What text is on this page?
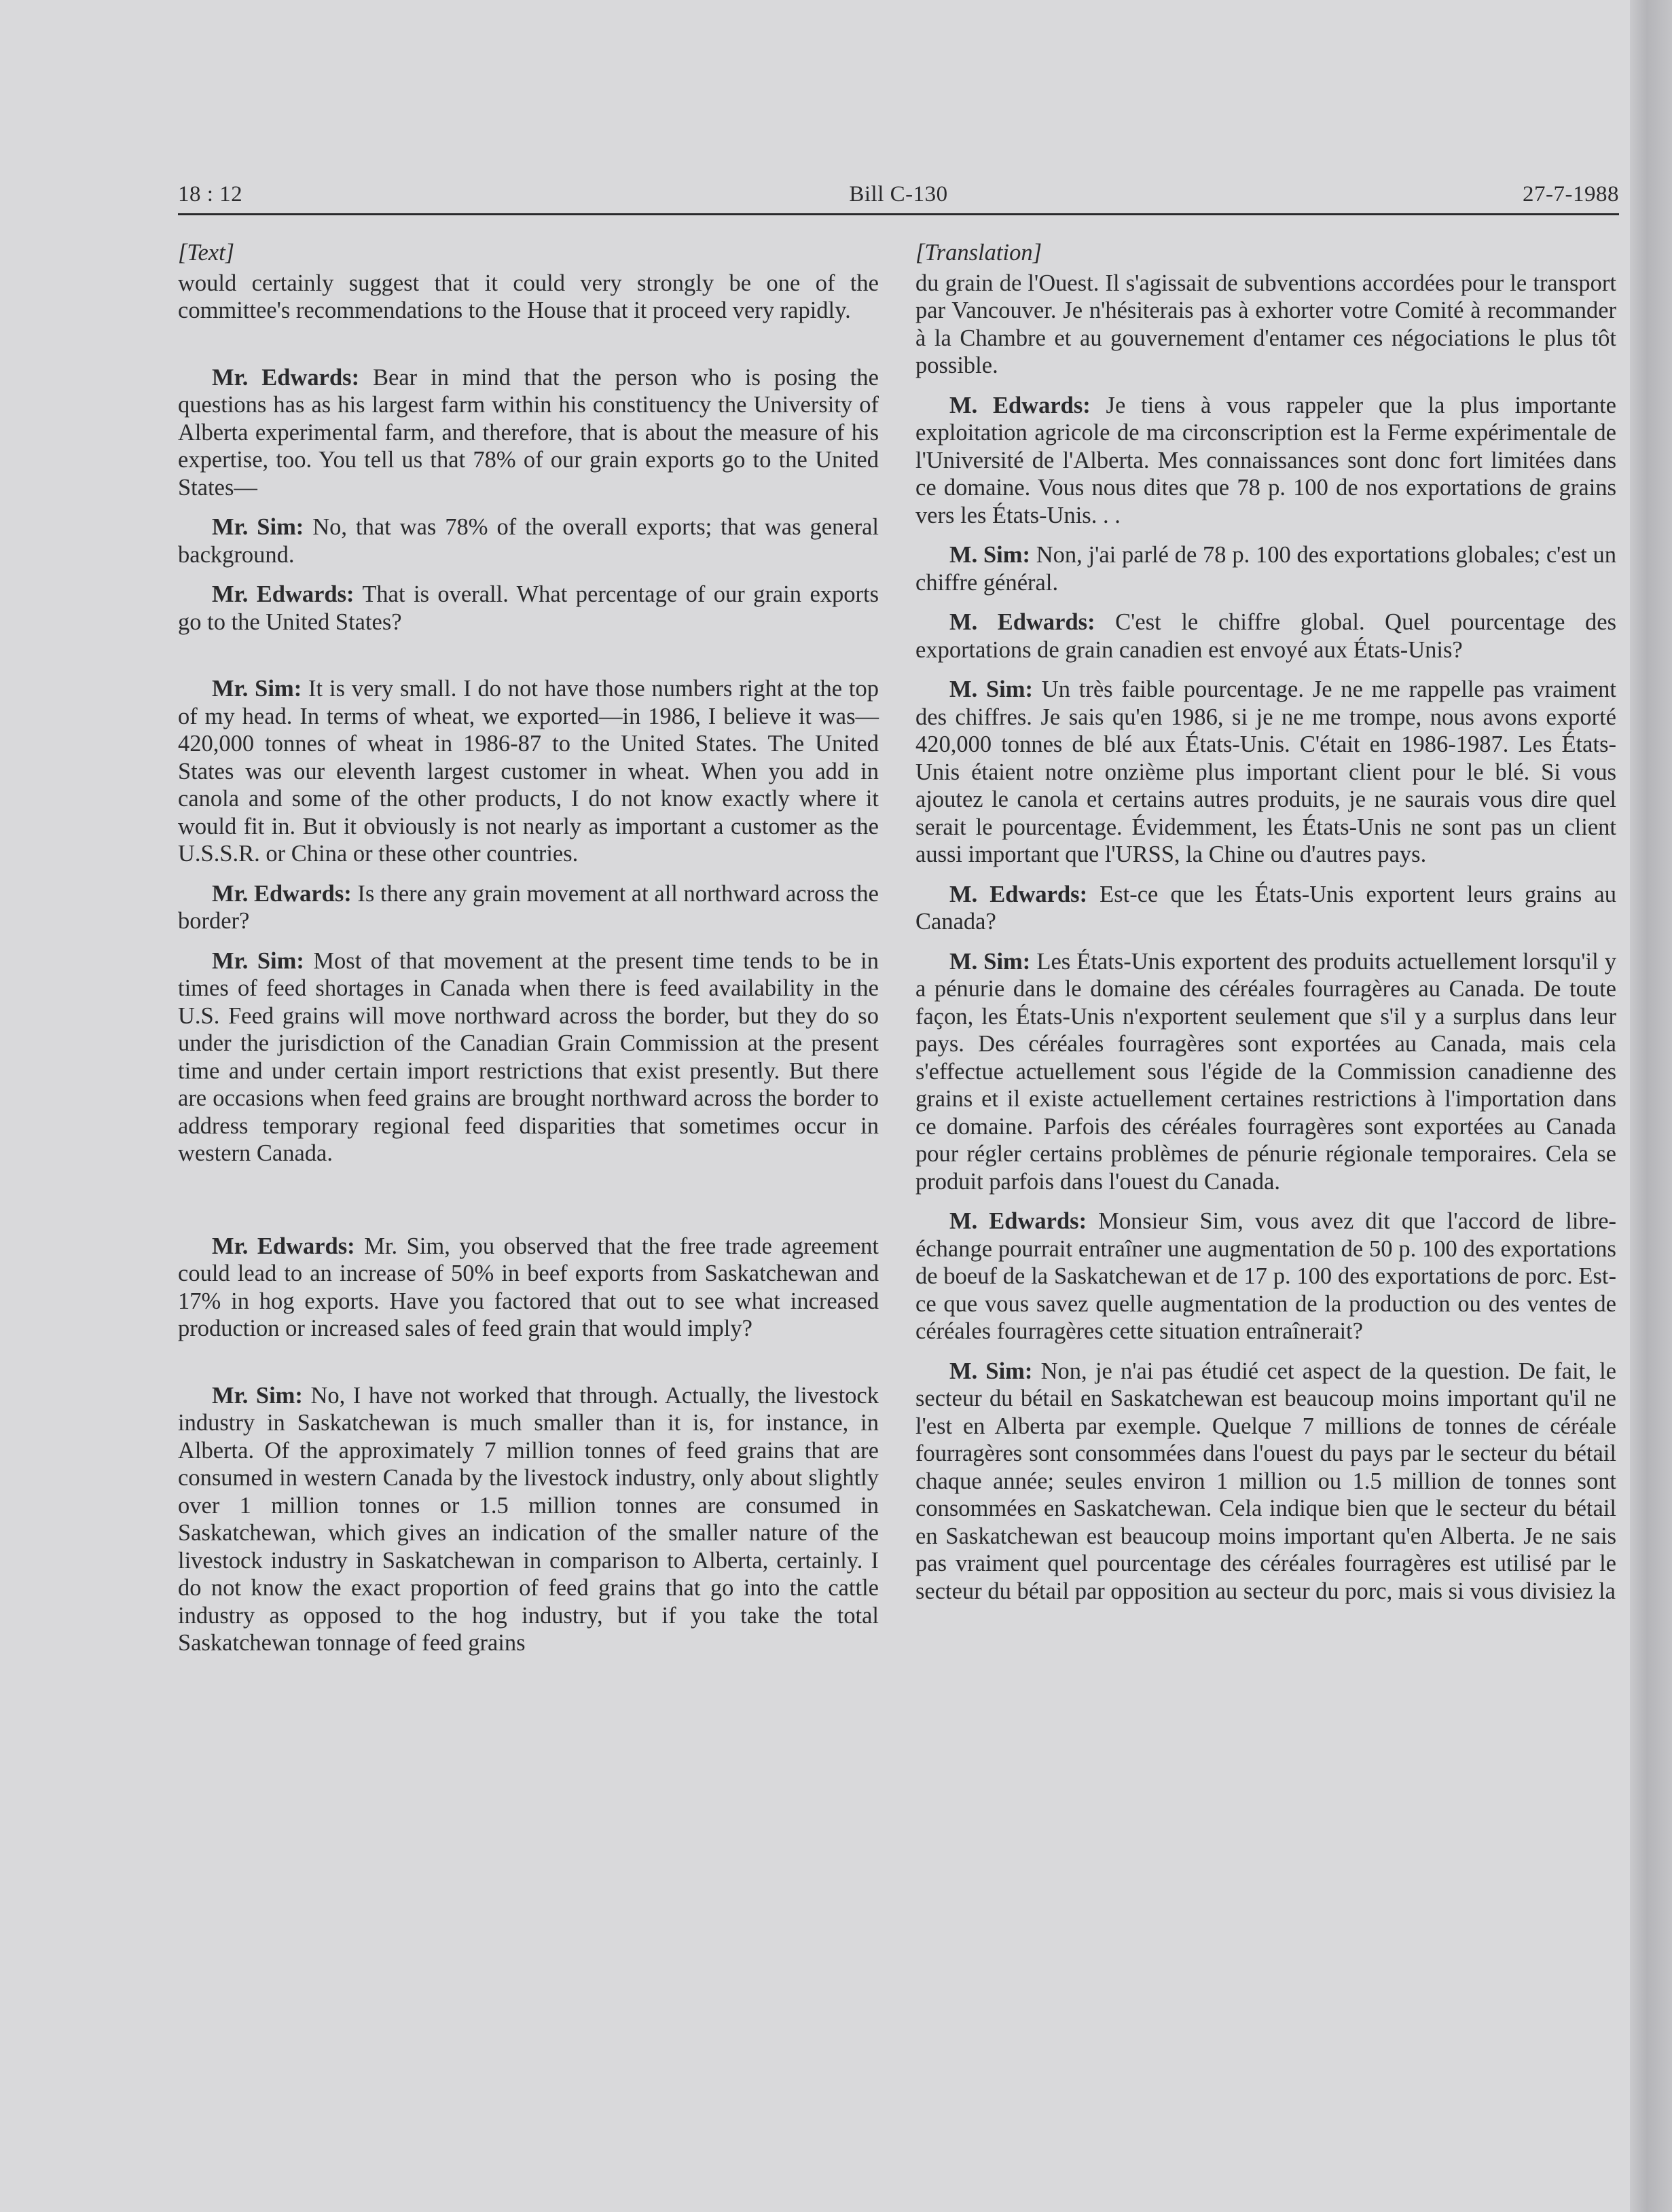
18 : 12	Bill C-130	27-7-1988

[Text]

would certainly suggest that it could very strongly be one of the committee's recommendations to the House that it proceed very rapidly.

Mr. Edwards: Bear in mind that the person who is posing the questions has as his largest farm within his constituency the University of Alberta experimental farm, and therefore, that is about the measure of his expertise, too. You tell us that 78% of our grain exports go to the United States—

Mr. Sim: No, that was 78% of the overall exports; that was general background.

Mr. Edwards: That is overall. What percentage of our grain exports go to the United States?

Mr. Sim: It is very small. I do not have those numbers right at the top of my head. In terms of wheat, we exported—in 1986, I believe it was—420,000 tonnes of wheat in 1986-87 to the United States. The United States was our eleventh largest customer in wheat. When you add in canola and some of the other products, I do not know exactly where it would fit in. But it obviously is not nearly as important a customer as the U.S.S.R. or China or these other countries.

Mr. Edwards: Is there any grain movement at all northward across the border?

Mr. Sim: Most of that movement at the present time tends to be in times of feed shortages in Canada when there is feed availability in the U.S. Feed grains will move northward across the border, but they do so under the jurisdiction of the Canadian Grain Commission at the present time and under certain import restrictions that exist presently. But there are occasions when feed grains are brought northward across the border to address temporary regional feed disparities that sometimes occur in western Canada.

Mr. Edwards: Mr. Sim, you observed that the free trade agreement could lead to an increase of 50% in beef exports from Saskatchewan and 17% in hog exports. Have you factored that out to see what increased production or increased sales of feed grain that would imply?

Mr. Sim: No, I have not worked that through. Actually, the livestock industry in Saskatchewan is much smaller than it is, for instance, in Alberta. Of the approximately 7 million tonnes of feed grains that are consumed in western Canada by the livestock industry, only about slightly over 1 million tonnes or 1.5 million tonnes are consumed in Saskatchewan, which gives an indication of the smaller nature of the livestock industry in Saskatchewan in comparison to Alberta, certainly. I do not know the exact proportion of feed grains that go into the cattle industry as opposed to the hog industry, but if you take the total Saskatchewan tonnage of feed grains

[Translation]

du grain de l'Ouest. Il s'agissait de subventions accordées pour le transport par Vancouver. Je n'hésiterais pas à exhorter votre Comité à recommander à la Chambre et au gouvernement d'entamer ces négociations le plus tôt possible.

M. Edwards: Je tiens à vous rappeler que la plus importante exploitation agricole de ma circonscription est la Ferme expérimentale de l'Université de l'Alberta. Mes connaissances sont donc fort limitées dans ce domaine. Vous nous dites que 78 p. 100 de nos exportations de grains vers les États-Unis. . .

M. Sim: Non, j'ai parlé de 78 p. 100 des exportations globales; c'est un chiffre général.

M. Edwards: C'est le chiffre global. Quel pourcentage des exportations de grain canadien est envoyé aux États-Unis?

M. Sim: Un très faible pourcentage. Je ne me rappelle pas vraiment des chiffres. Je sais qu'en 1986, si je ne me trompe, nous avons exporté 420,000 tonnes de blé aux États-Unis. C'était en 1986-1987. Les États-Unis étaient notre onzième plus important client pour le blé. Si vous ajoutez le canola et certains autres produits, je ne saurais vous dire quel serait le pourcentage. Évidemment, les États-Unis ne sont pas un client aussi important que l'URSS, la Chine ou d'autres pays.

M. Edwards: Est-ce que les États-Unis exportent leurs grains au Canada?

M. Sim: Les États-Unis exportent des produits actuellement lorsqu'il y a pénurie dans le domaine des céréales fourragères au Canada. De toute façon, les États-Unis n'exportent seulement que s'il y a surplus dans leur pays. Des céréales fourragères sont exportées au Canada, mais cela s'effectue actuellement sous l'égide de la Commission canadienne des grains et il existe actuellement certaines restrictions à l'importation dans ce domaine. Parfois des céréales fourragères sont exportées au Canada pour régler certains problèmes de pénurie régionale temporaires. Cela se produit parfois dans l'ouest du Canada.

M. Edwards: Monsieur Sim, vous avez dit que l'accord de libre-échange pourrait entraîner une augmentation de 50 p. 100 des exportations de boeuf de la Saskatchewan et de 17 p. 100 des exportations de porc. Est-ce que vous savez quelle augmentation de la production ou des ventes de céréales fourragères cette situation entraînerait?

M. Sim: Non, je n'ai pas étudié cet aspect de la question. De fait, le secteur du bétail en Saskatchewan est beaucoup moins important qu'il ne l'est en Alberta par exemple. Quelque 7 millions de tonnes de céréale fourragères sont consommées dans l'ouest du pays par le secteur du bétail chaque année; seules environ 1 million ou 1.5 million de tonnes sont consommées en Saskatchewan. Cela indique bien que le secteur du bétail en Saskatchewan est beaucoup moins important qu'en Alberta. Je ne sais pas vraiment quel pourcentage des céréales fourragères est utilisé par le secteur du bétail par opposition au secteur du porc, mais si vous divisiez la
